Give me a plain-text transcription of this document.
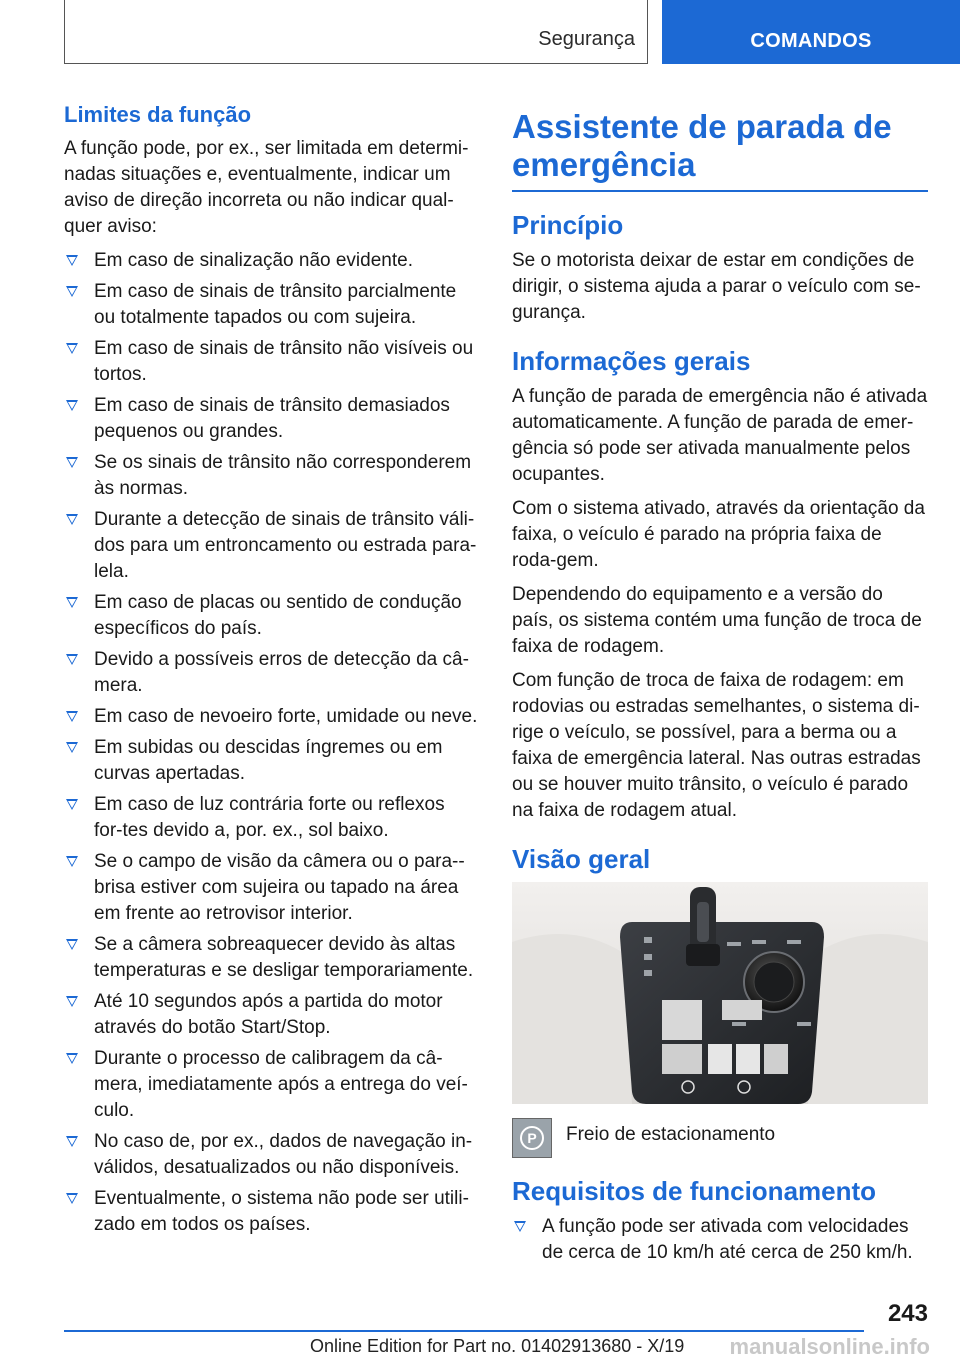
Segurança	COMANDOS
Limites da função

A função pode, por ex., ser limitada em determi-nadas situações e, eventualmente, indicar um aviso de direção incorreta ou não indicar qual-quer aviso:

Em caso de sinalização não evidente.
Em caso de sinais de trânsito parcialmente ou totalmente tapados ou com sujeira.
Em caso de sinais de trânsito não visíveis ou tortos.
Em caso de sinais de trânsito demasiados pequenos ou grandes.
Se os sinais de trânsito não corresponderem às normas.
Durante a detecção de sinais de trânsito váli-dos para um entroncamento ou estrada para-lela.
Em caso de placas ou sentido de condução específicos do país.
Devido a possíveis erros de detecção da câ-mera.
Em caso de nevoeiro forte, umidade ou neve.
Em subidas ou descidas íngremes ou em curvas apertadas.
Em caso de luz contrária forte ou reflexos for-tes devido a, por. ex., sol baixo.
Se o campo de visão da câmera ou o para--brisa estiver com sujeira ou tapado na área em frente ao retrovisor interior.
Se a câmera sobreaquecer devido às altas temperaturas e se desligar temporariamente.
Até 10 segundos após a partida do motor através do botão Start/Stop.
Durante o processo de calibragem da câ-mera, imediatamente após a entrega do veí-culo.
No caso de, por ex., dados de navegação in-válidos, desatualizados ou não disponíveis.
Eventualmente, o sistema não pode ser utili-zado em todos os países.
Assistente de parada de emergência
Princípio

Se o motorista deixar de estar em condições de dirigir, o sistema ajuda a parar o veículo com se-gurança.

Informações gerais

A função de parada de emergência não é ativada automaticamente. A função de parada de emer-gência só pode ser ativada manualmente pelos ocupantes.

Com o sistema ativado, através da orientação da faixa, o veículo é parado na própria faixa de roda-gem.

Dependendo do equipamento e a versão do país, os sistema contém uma função de troca de faixa de rodagem.

Com função de troca de faixa de rodagem: em rodovias ou estradas semelhantes, o sistema di-rige o veículo, se possível, para a berma ou a faixa de emergência lateral. Nas outras estradas ou se houver muito trânsito, o veículo é parado na faixa de rodagem atual.

Visão geral
P	Freio de estacionamento
Requisitos de funcionamento
A função pode ser ativada com velocidades de cerca de 10 km/h até cerca de 250 km/h.
243
Online Edition for Part no. 01402913680 - X/19 manualsonline.info
